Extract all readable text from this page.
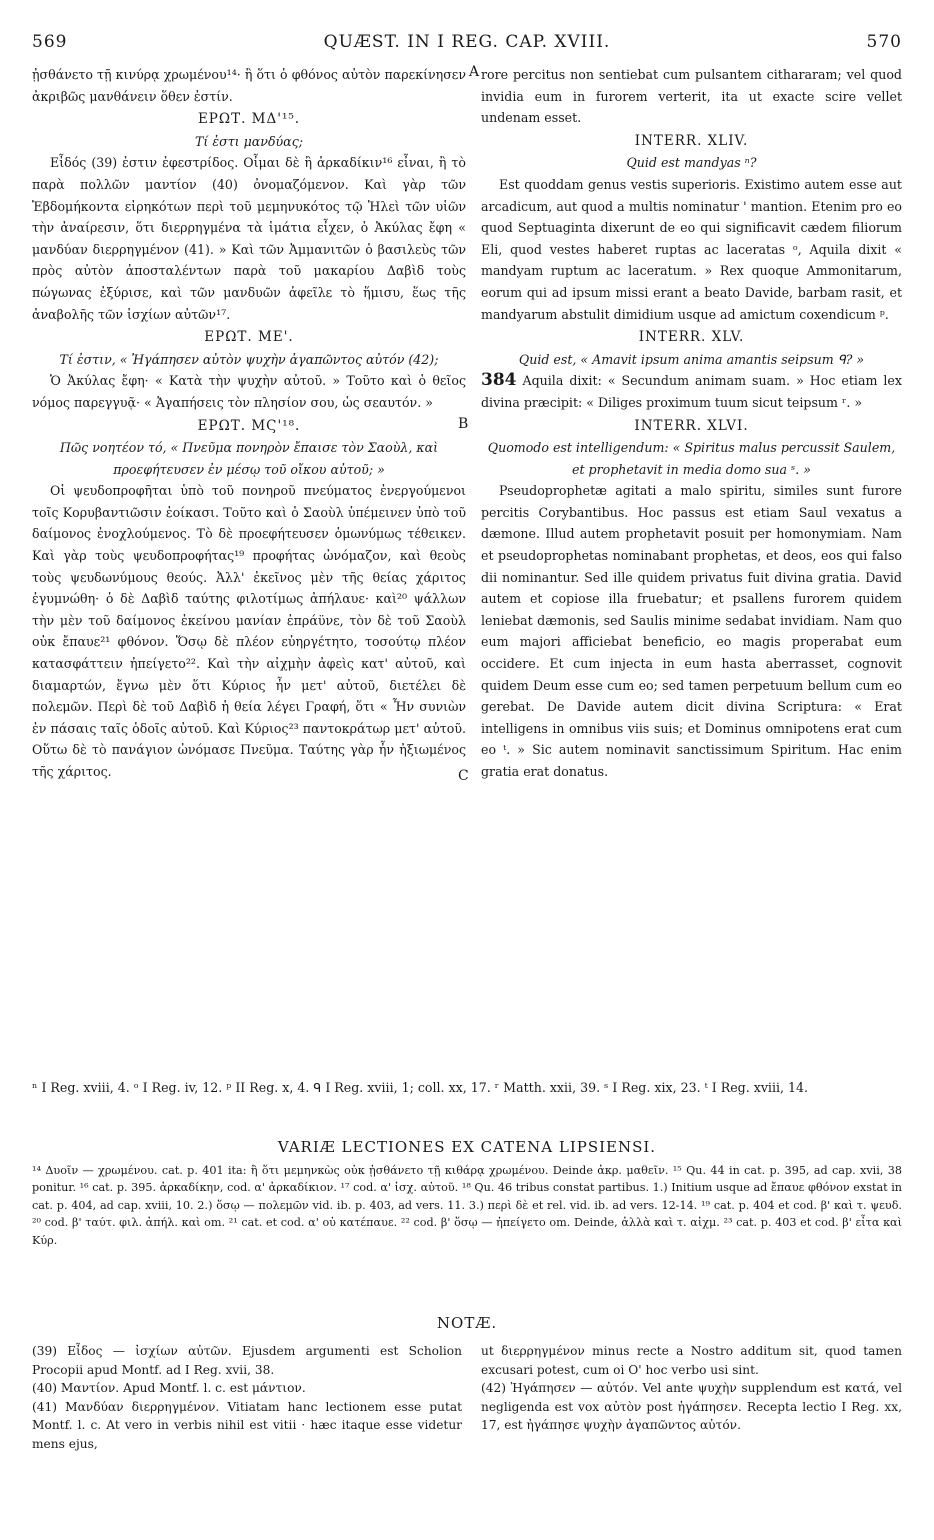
569	QUÆST. IN I REG. CAP. XVIII.	570

ᾐσθάνετο τῇ κινύρᾳ χρωμένου¹⁴· ἢ ὅτι ὁ φθόνος αὐτὸν παρεκίνησεν ἀκριβῶς μανθάνειν ὅθεν ἐστίν.

ΕΡΩΤ. ΜΔ'¹⁵.

Τί ἐστι μανδύας;

Εἶδός (39) ἐστιν ἐφεστρίδος. Οἶμαι δὲ ἢ ἀρκαδίκιν¹⁶ εἶναι, ἢ τὸ παρὰ πολλῶν μαντίον (40) ὀνομαζόμενον. Καὶ γὰρ τῶν Ἑβδομήκοντα εἰρηκότων περὶ τοῦ μεμηνυκότος τῷ Ἡλεὶ τῶν υἱῶν τὴν ἀναίρεσιν, ὅτι διερρηγμένα τὰ ἱμάτια εἶχεν, ὁ Ἀκύλας ἔφη « μανδύαν διερρηγμένον (41). » Καὶ τῶν Ἀμμανιτῶν ὁ βασιλεὺς τῶν πρὸς αὐτὸν ἀποσταλέντων παρὰ τοῦ μακαρίου Δαβὶδ τοὺς πώγωνας ἐξύρισε, καὶ τῶν μανδυῶν ἀφεῖλε τὸ ἥμισυ, ἕως τῆς ἀναβολῆς τῶν ἰσχίων αὐτῶν¹⁷.

ΕΡΩΤ. ΜΕ'.

Τί ἐστιν, « Ἠγάπησεν αὐτὸν ψυχὴν ἀγαπῶντος αὐτόν (42);

Ὁ Ἀκύλας ἔφη· « Κατὰ τὴν ψυχὴν αὐτοῦ. » Τοῦτο καὶ ὁ θεῖος νόμος παρεγγυᾷ· « Ἀγαπήσεις τὸν πλησίον σου, ὡς σεαυτόν. »

ΕΡΩΤ. ΜϚ'¹⁸.

Πῶς νοητέον τό, « Πνεῦμα πονηρὸν ἔπαισε τὸν Σαοὺλ, καὶ προεφήτευσεν ἐν μέσῳ τοῦ οἴκου αὐτοῦ; »

Οἱ ψευδοπροφῆται ὑπὸ τοῦ πονηροῦ πνεύματος ἐνεργούμενοι τοῖς Κορυβαντιῶσιν ἐοίκασι. Τοῦτο καὶ ὁ Σαοὺλ ὑπέμεινεν ὑπὸ τοῦ δαίμονος ἐνοχλούμενος. Τὸ δὲ προεφήτευσεν ὁμωνύμως τέθεικεν. Καὶ γὰρ τοὺς ψευδοπροφήτας¹⁹ προφήτας ὠνόμαζον, καὶ θεοὺς τοὺς ψευδωνύμους θεούς. Ἀλλ' ἐκεῖνος μὲν τῆς θείας χάριτος ἐγυμνώθη· ὁ δὲ Δαβὶδ ταύτης φιλοτίμως ἀπήλαυε· καὶ²⁰ ψάλλων τὴν μὲν τοῦ δαίμονος ἐκείνου μανίαν ἐπράϋνε, τὸν δὲ τοῦ Σαοὺλ οὐκ ἔπαυε²¹ φθόνον. Ὅσῳ δὲ πλέον εὐηργέτητο, τοσούτῳ πλέον κατασφάττειν ἠπείγετο²². Καὶ τὴν αἰχμὴν ἀφεὶς κατ' αὐτοῦ, καὶ διαμαρτών, ἔγνω μὲν ὅτι Κύριος ἦν μετ' αὐτοῦ, διετέλει δὲ πολεμῶν. Περὶ δὲ τοῦ Δαβὶδ ἡ θεία λέγει Γραφή, ὅτι « Ἦν συνιὼν ἐν πάσαις ταῖς ὁδοῖς αὐτοῦ. Καὶ Κύριος²³ παντοκράτωρ μετ' αὐτοῦ. Οὕτω δὲ τὸ πανάγιον ὠνόμασε Πνεῦμα. Ταύτης γὰρ ἦν ἠξιωμένος τῆς χάριτος.

A
B
C

rore percitus non sentiebat cum pulsantem cithararam; vel quod invidia eum in furorem verterit, ita ut exacte scire vellet undenam esset.

INTERR. XLIV.

Quid est mandyas ⁿ?

Est quoddam genus vestis superioris. Existimo autem esse aut arcadicum, aut quod a multis nominatur ' mantion. Etenim pro eo quod Septuaginta dixerunt de eo qui significavit cædem filiorum Eli, quod vestes haberet ruptas ac laceratas ᵒ, Aquila dixit « mandyam ruptum ac laceratum. » Rex quoque Ammonitarum, eorum qui ad ipsum missi erant a beato Davide, barbam rasit, et mandyarum abstulit dimidium usque ad amictum coxendicum ᵖ.

INTERR. XLV.

Quid est, « Amavit ipsum anima amantis seipsum ᑫ? »

384 Aquila dixit: « Secundum animam suam. » Hoc etiam lex divina præcipit: « Diliges proximum tuum sicut teipsum ʳ. »

INTERR. XLVI.

Quomodo est intelligendum: « Spiritus malus percussit Saulem, et prophetavit in media domo sua ˢ. »

Pseudoprophetæ agitati a malo spiritu, similes sunt furore percitis Corybantibus. Hoc passus est etiam Saul vexatus a dæmone. Illud autem prophetavit posuit per homonymiam. Nam et pseudoprophetas nominabant prophetas, et deos, eos qui falso dii nominantur. Sed ille quidem privatus fuit divina gratia. David autem et copiose illa fruebatur; et psallens furorem quidem leniebat dæmonis, sed Saulis minime sedabat invidiam. Nam quo eum majori afficiebat beneficio, eo magis properabat eum occidere. Et cum injecta in eum hasta aberrasset, cognovit quidem Deum esse cum eo; sed tamen perpetuum bellum cum eo gerebat. De Davide autem dicit divina Scriptura: « Erat intelligens in omnibus viis suis; et Dominus omnipotens erat cum eo ᵗ. » Sic autem nominavit sanctissimum Spiritum. Hac enim gratia erat donatus.

ⁿ I Reg. xviii, 4. ᵒ I Reg. iv, 12. ᵖ II Reg. x, 4. ᑫ I Reg. xviii, 1; coll. xx, 17. ʳ Matth. xxii, 39. ˢ I Reg. xix, 23. ᵗ I Reg. xviii, 14.

VARIÆ LECTIONES EX CATENA LIPSIENSI.

¹⁴ Δυοῖν — χρωμένου. cat. p. 401 ita: ἢ ὅτι μεμηνκὼς οὐκ ᾐσθάνετο τῇ κιθάρᾳ χρωμένου. Deinde ἀκρ. μαθεῖν. ¹⁵ Qu. 44 in cat. p. 395, ad cap. xvii, 38 ponitur. ¹⁶ cat. p. 395. ἀρκαδίκην, cod. α' ἀρκαδίκιον. ¹⁷ cod. α' ἰσχ. αὐτοῦ. ¹⁸ Qu. 46 tribus constat partibus. 1.) Initium usque ad ἔπαυε φθόνον exstat in cat. p. 404, ad cap. xviii, 10. 2.) ὅσῳ — πολεμῶν vid. ib. p. 403, ad vers. 11. 3.) περὶ δὲ et rel. vid. ib. ad vers. 12-14. ¹⁹ cat. p. 404 et cod. β' καὶ τ. ψευδ. ²⁰ cod. β' ταύτ. φιλ. ἀπήλ. καὶ om. ²¹ cat. et cod. α' οὐ κατέπαυε. ²² cod. β' ὅσῳ — ἠπείγετο om. Deinde, ἀλλὰ καὶ τ. αἰχμ. ²³ cat. p. 403 et cod. β' εἶτα καὶ Κύρ.

NOTÆ.

(39) Εἶδος — ἰσχίων αὐτῶν. Ejusdem argumenti est Scholion Procopii apud Montf. ad I Reg. xvii, 38.

(40) Μαντίον. Apud Montf. l. c. est μάντιον.

(41) Μανδύαν διερρηγμένον. Vitiatam hanc lectionem esse putat Montf. l. c. At vero in verbis nihil est vitii · hæc itaque esse videtur mens ejus,

ut διερρηγμένον minus recte a Nostro additum sit, quod tamen excusari potest, cum oi O' hoc verbo usi sint.

(42) Ἠγάπησεν — αὐτόν. Vel ante ψυχὴν supplendum est κατά, vel negligenda est vox αὐτὸν post ἠγάπησεν. Recepta lectio I Reg. xx, 17, est ἠγάπησε ψυχὴν ἀγαπῶντος αὐτόν.
